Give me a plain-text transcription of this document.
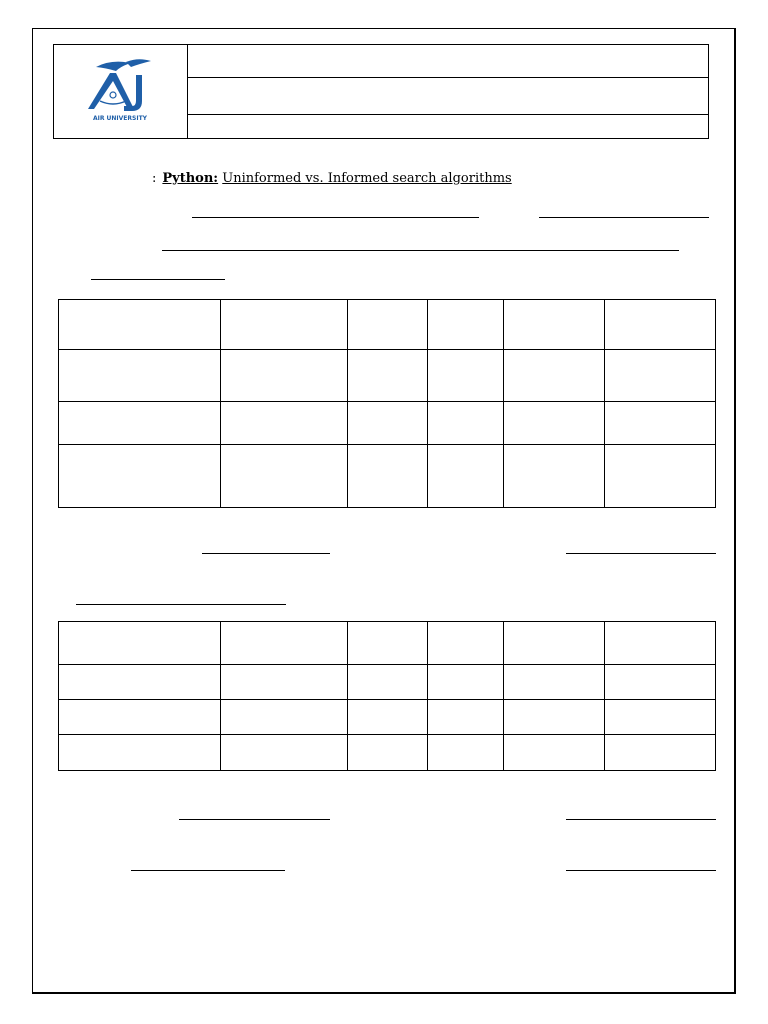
AIR UNIVERSITY
: Python: Uninformed vs. Informed search algorithms
